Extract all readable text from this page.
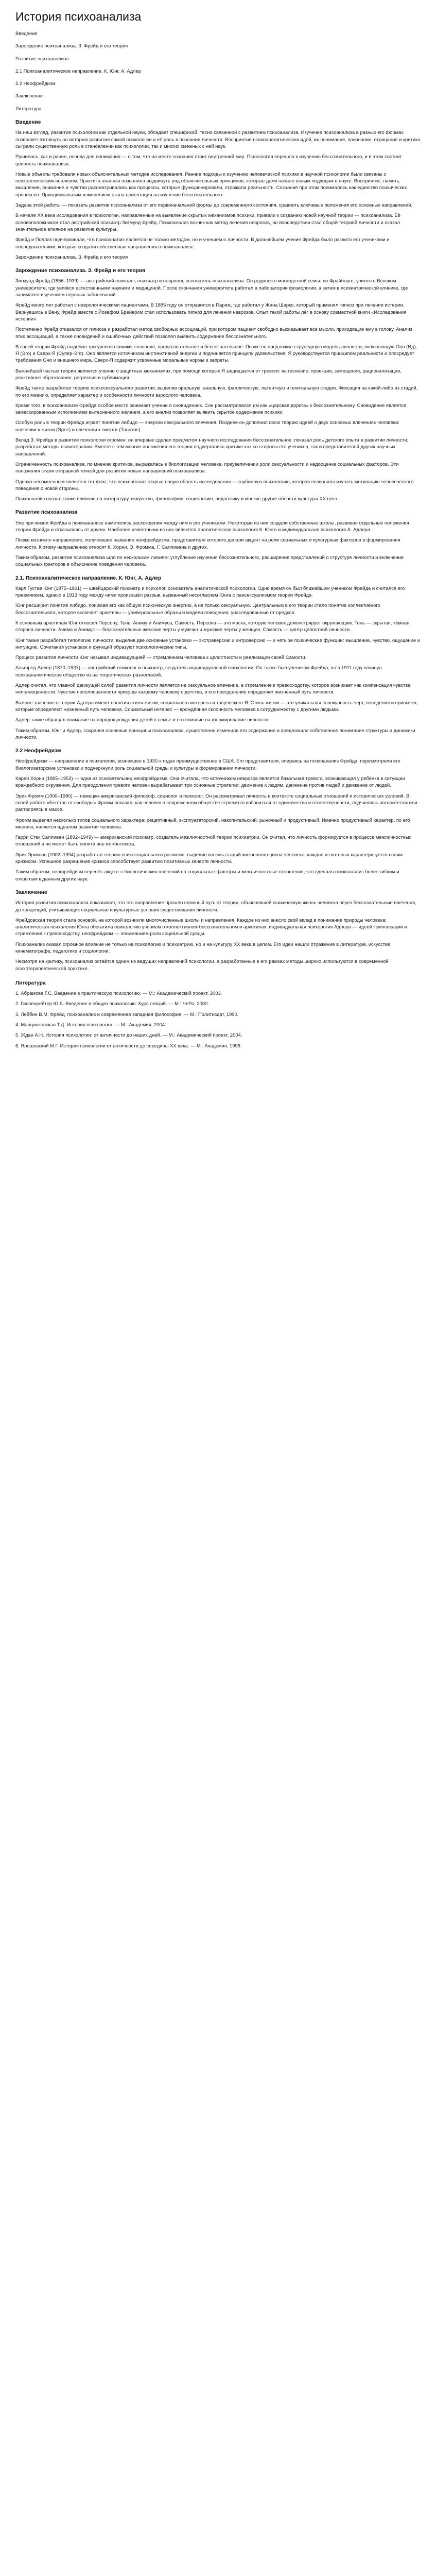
История психоанализа
Введение
Зарождение психоанализа. З. Фрейд и его теория
Развитие психоанализа
2.1 Психоаналитическое направление. К. Юнг, А. Адлер
2.2 Неофрейдизм
Заключение
Литература
Введение

На наш взгляд, развитие психологии как отдельной науки, обладает спецификой, тесно связанной с развитием психоанализа. Изучение психоанализа в разных его формах позволяет взглянуть на историю развития самой психологии и её роль в познании личности. Восприятие психоаналитических идей, их понимание, признание, отрицание и критика сыграли существенную роль в становлении как психологии, так и многих смежных с ней наук.

Рушилась, как и ранее, основа для понимания — о том, что на месте сознания стоит внутренний мир. Психология перешла к изучению бессознательного, и в этом состоит ценность психоанализа.

Новые объекты требовали новых объяснительных методов исследования. Ранние подходы к изучению человеческой психики в научной психологии были связаны с психологическим анализом. Практика анализа позволила выдвинуть ряд объяснительных принципов, которые дали начало новым подходам в науке. Восприятие, память, мышление, внимание и чувства рассматривались как процессы, которые функционировали, отражали реальность. Сознание при этом понималось как единство психических процессов. Принципиальным изменением стала ориентация на изучение бессознательного.

Задача этой работы — показать развитие психоанализа от его первоначальной формы до современного состояния, сравнить ключевые положения его основных направлений.

В начале XX века исследования в психологии, направленные на выявление скрытых механизмов психики, привели к созданию новой научной теории — психоанализа. Её основоположником стал австрийский психиатр Зигмунд Фрейд. Психоанализ возник как метод лечения неврозов, но впоследствии стал общей теорией личности и оказал значительное влияние на развитие культуры.

Фрейд и Поллак подчеркивали, что психоанализ является не только методом, но и учением о личности. В дальнейшем учение Фрейда было развито его учениками и последователями, которые создали собственные направления в психоанализе.

Зарождение психоанализа. З. Фрейд и его теория

Зарождение психоанализа. З. Фрейд и его теория

Зигмунд Фрейд (1856–1939) — австрийский психолог, психиатр и невролог, основатель психоанализа. Он родился в многодетной семье во Фрайберге, учился в Венском университете, где увлёкся естественными науками и медициной. После окончания университета работал в лаборатории физиологии, а затем в психиатрической клинике, где занимался изучением нервных заболеваний.

Фрейд много лет работал с неврологическими пациентами. В 1885 году он отправился в Париж, где работал у Жана Шарко, который применял гипноз при лечении истерии. Вернувшись в Вену, Фрейд вместе с Йозефом Брейером стал использовать гипноз для лечения неврозов. Опыт такой работы лёг в основу совместной книги «Исследования истерии».

Постепенно Фрейд отказался от гипноза и разработал метод свободных ассоциаций, при котором пациент свободно высказывает все мысли, приходящие ему в голову. Анализ этих ассоциаций, а также сновидений и ошибочных действий позволял выявить содержание бессознательного.

В своей теории Фрейд выделил три уровня психики: сознание, предсознательное и бессознательное. Позже он предложил структурную модель личности, включающую Оно (Ид), Я (Эго) и Сверх-Я (Супер-Эго). Оно является источником инстинктивной энергии и подчиняется принципу удовольствия. Я руководствуется принципом реальности и опосредует требования Оно и внешнего мира. Сверх-Я содержит усвоенные моральные нормы и запреты.

Важнейшей частью теории является учение о защитных механизмах, при помощи которых Я защищается от тревоги: вытеснение, проекция, замещение, рационализация, реактивное образование, регрессия и сублимация.

Фрейд также разработал теорию психосексуального развития, выделив оральную, анальную, фаллическую, латентную и генитальную стадии. Фиксация на какой-либо из стадий, по его мнению, определяет характер и особенности личности взрослого человека.

Кроме того, в психоанализе Фрейда особое место занимает учение о сновидениях. Сон рассматривался им как «царская дорога» к бессознательному. Сновидение является замаскированным исполнением вытесненного желания, а его анализ позволяет выявить скрытое содержание психики.

Особую роль в теории Фрейда играет понятие либидо — энергии сексуального влечения. Позднее он дополнил свою теорию идеей о двух основных влечениях человека: влечении к жизни (Эрос) и влечении к смерти (Танатос).

Вклад З. Фрейда в развитие психологии огромен: он впервые сделал предметом научного исследования бессознательное, показал роль детского опыта в развитии личности, разработал методы психотерапии. Вместе с тем многие положения его теории подвергались критике как со стороны его учеников, так и представителей других научных направлений.

Ограниченность психоанализа, по мнению критиков, выражалась в биологизации человека, преувеличении роли сексуальности и недооценке социальных факторов. Эти положения стали отправной точкой для развития новых направлений психоанализа.

Однако несомненным является тот факт, что психоанализ открыл новую область исследования — глубинную психологию, которая позволила изучать мотивацию человеческого поведения с новой стороны.

Психоанализ оказал также влияние на литературу, искусство, философию, социологию, педагогику и многие другие области культуры XX века.

Развитие психоанализа

Уже при жизни Фрейда в психоанализе наметились расхождения между ним и его учениками. Некоторые из них создали собственные школы, развивая отдельные положения теории Фрейда и отказываясь от других. Наиболее известными из них являются аналитическая психология К. Юнга и индивидуальная психология А. Адлера.

Позже возникло направление, получившее название неофрейдизма, представители которого делали акцент на роли социальных и культурных факторов в формировании личности. К этому направлению относят К. Хорни, Э. Фромма, Г. Салливана и других.

Таким образом, развитие психоанализа шло по нескольким линиям: углубление изучения бессознательного, расширение представлений о структуре личности и включение социальных факторов в объяснение поведения человека.

2.1. Психоаналитическое направление. К. Юнг, А. Адлер

Карл Густав Юнг (1875–1961) — швейцарский психиатр и психолог, основатель аналитической психологии. Одно время он был ближайшим учеником Фрейда и считался его преемником, однако в 1913 году между ними произошёл разрыв, вызванный несогласием Юнга с пансексуализмом теории Фрейда.

Юнг расширил понятие либидо, понимая его как общую психическую энергию, а не только сексуальную. Центральным в его теории стало понятие коллективного бессознательного, которое включает архетипы — универсальные образы и модели поведения, унаследованные от предков.

К основным архетипам Юнг относил Персону, Тень, Аниму и Анимуса, Самость. Персона — это маска, которую человек демонстрирует окружающим. Тень — скрытая, тёмная сторона личности. Анима и Анимус — бессознательные женские черты у мужчин и мужские черты у женщин. Самость — центр целостной личности.

Юнг также разработал типологию личности, выделив две основные установки — экстраверсию и интроверсию — и четыре психические функции: мышление, чувство, ощущение и интуицию. Сочетания установок и функций образуют психологические типы.

Процесс развития личности Юнг называл индивидуацией — стремлением человека к целостности и реализации своей Самости.

Альфред Адлер (1870–1937) — австрийский психолог и психиатр, создатель индивидуальной психологии. Он также был учеником Фрейда, но в 1911 году покинул психоаналитическое общество из-за теоретических разногласий.

Адлер считал, что главной движущей силой развития личности является не сексуальное влечение, а стремление к превосходству, которое возникает как компенсация чувства неполноценности. Чувство неполноценности присуще каждому человеку с детства, и его преодоление определяет жизненный путь личности.

Важное значение в теории Адлера имеют понятия стиля жизни, социального интереса и творческого Я. Стиль жизни — это уникальная совокупность черт, поведения и привычек, которые определяют жизненный путь человека. Социальный интерес — врождённая склонность человека к сотрудничеству с другими людьми.

Адлер также обращал внимание на порядок рождения детей в семье и его влияние на формирование личности.

Таким образом, Юнг и Адлер, сохраняя основные принципы психоанализа, существенно изменили его содержание и предложили собственное понимание структуры и динамики личности.

2.2 Неофрейдизм

Неофрейдизм — направление в психологии, возникшее в 1930-х годах преимущественно в США. Его представители, опираясь на психоанализ Фрейда, пересмотрели его биологизаторские установки и подчеркнули роль социальной среды и культуры в формировании личности.

Карен Хорни (1885–1952) — одна из основательниц неофрейдизма. Она считала, что источником неврозов является базальная тревога, возникающая у ребёнка в ситуации враждебного окружения. Для преодоления тревоги человек вырабатывает три основные стратегии: движение к людям, движение против людей и движение от людей.

Эрих Фромм (1900–1980) — немецко-американский философ, социолог и психолог. Он рассматривал личность в контексте социальных отношений и исторических условий. В своей работе «Бегство от свободы» Фромм показал, как человек в современном обществе стремится избавиться от одиночества и ответственности, подчиняясь авторитетам или растворяясь в массе.

Фромм выделял несколько типов социального характера: рецептивный, эксплуататорский, накопительский, рыночный и продуктивный. Именно продуктивный характер, по его мнению, является идеалом развития человека.

Гарри Стек Салливан (1892–1949) — американский психиатр, создатель межличностной теории психиатрии. Он считал, что личность формируется в процессе межличностных отношений и не может быть понята вне их контекста.

Эрик Эриксон (1902–1994) разработал теорию психосоциального развития, выделив восемь стадий жизненного цикла человека, каждая из которых характеризуется своим кризисом. Успешное разрешение кризиса способствует развитию позитивных качеств личности.

Таким образом, неофрейдизм перенёс акцент с биологических влечений на социальные факторы и межличностные отношения, что сделало психоанализ более гибким и открытым к данным других наук.

Заключение

История развития психоанализа показывает, что это направление прошло сложный путь от теории, объяснявшей психическую жизнь человека через бессознательные влечения, до концепций, учитывающих социальные и культурные условия существования личности.

Фрейдовская теория стала основой, на которой возникли многочисленные школы и направления. Каждое из них внесло свой вклад в понимание природы человека: аналитическая психология Юнга обогатила психологию учением о коллективном бессознательном и архетипах, индивидуальная психология Адлера — идеей компенсации и стремления к превосходству, неофрейдизм — пониманием роли социальной среды.

Психоанализ оказал огромное влияние не только на психологию и психиатрию, но и на культуру XX века в целом. Его идеи нашли отражение в литературе, искусстве, кинематографе, педагогике и социологии.

Несмотря на критику, психоанализ остаётся одним из ведущих направлений психологии, а разработанные в его рамках методы широко используются в современной психотерапевтической практике.

Литература
1. Абрамова Г.С. Введение в практическую психологию. — М.: Академический проект, 2003.
2. Гиппенрейтер Ю.Б. Введение в общую психологию: Курс лекций. — М.: ЧеРо, 2000.
3. Лейбин В.М. Фрейд, психоанализ и современная западная философия. — М.: Политиздат, 1990.
4. Марцинковская Т.Д. История психологии. — М.: Академия, 2004.
5. Ждан А.Н. История психологии: от античности до наших дней. — М.: Академический проект, 2004.
6. Ярошевский М.Г. История психологии от античности до середины XX века. — М.: Академия, 1996.
